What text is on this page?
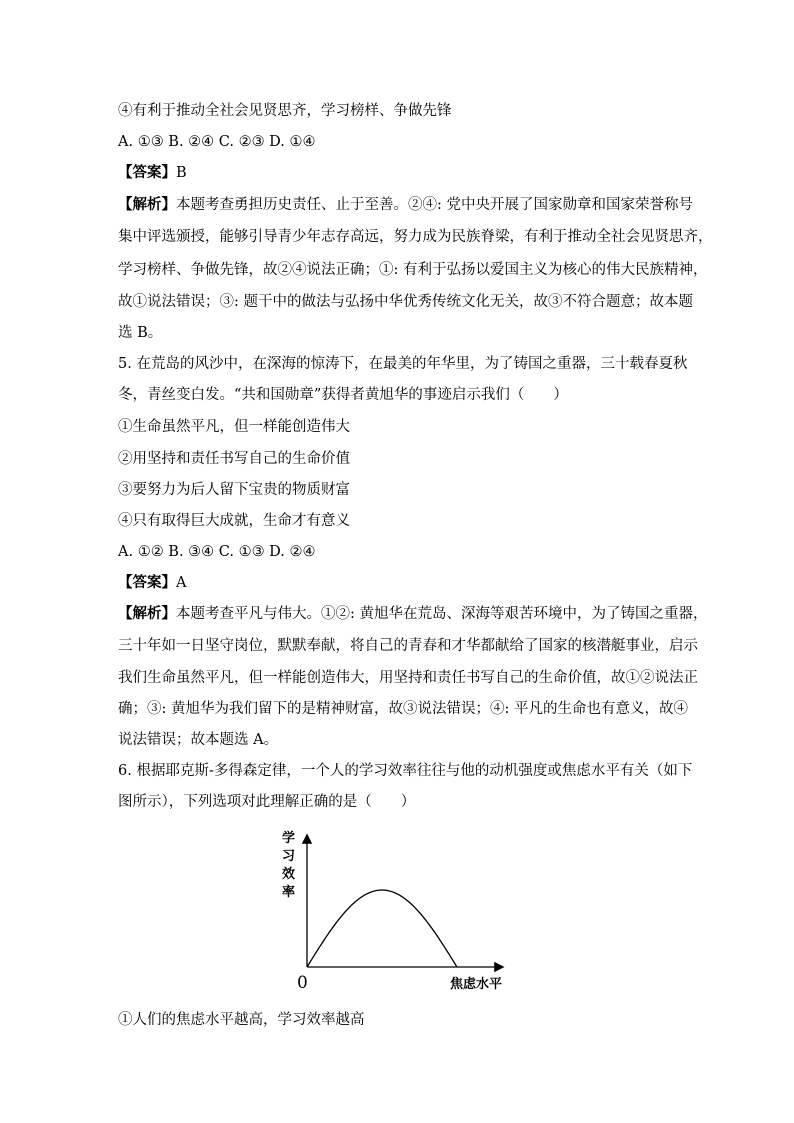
④有利于推动全社会见贤思齐，学习榜样、争做先锋
A. ①③ B. ②④ C. ②③ D. ①④
【答案】B
【解析】本题考查勇担历史责任、止于至善。②④: 党中央开展了国家勋章和国家荣誉称号
集中评选颁授，能够引导青少年志存高远，努力成为民族脊梁，有利于推动全社会见贤思齐，
学习榜样、争做先锋，故②④说法正确；①: 有利于弘扬以爱国主义为核心的伟大民族精神，
故①说法错误；③: 题干中的做法与弘扬中华优秀传统文化无关，故③不符合题意；故本题
选 B。
5. 在荒岛的风沙中，在深海的惊涛下，在最美的年华里，为了铸国之重器，三十载春夏秋
冬，青丝变白发。“共和国勋章”获得者黄旭华的事迹启示我们（　　）
①生命虽然平凡，但一样能创造伟大
②用坚持和责任书写自己的生命价值
③要努力为后人留下宝贵的物质财富
④只有取得巨大成就，生命才有意义
A. ①② B. ③④ C. ①③ D. ②④
【答案】A
【解析】本题考查平凡与伟大。①②: 黄旭华在荒岛、深海等艰苦环境中，为了铸国之重器，
三十年如一日坚守岗位，默默奉献，将自己的青春和才华都献给了国家的核潜艇事业，启示
我们生命虽然平凡，但一样能创造伟大，用坚持和责任书写自己的生命价值，故①②说法正
确；③: 黄旭华为我们留下的是精神财富，故③说法错误；④: 平凡的生命也有意义，故④
说法错误；故本题选 A。
6. 根据耶克斯-多得森定律，一个人的学习效率往往与他的动机强度或焦虑水平有关（如下
图所示），下列选项对此理解正确的是（　　）
学
习
效
率
0	焦虑水平
①人们的焦虑水平越高，学习效率越高
